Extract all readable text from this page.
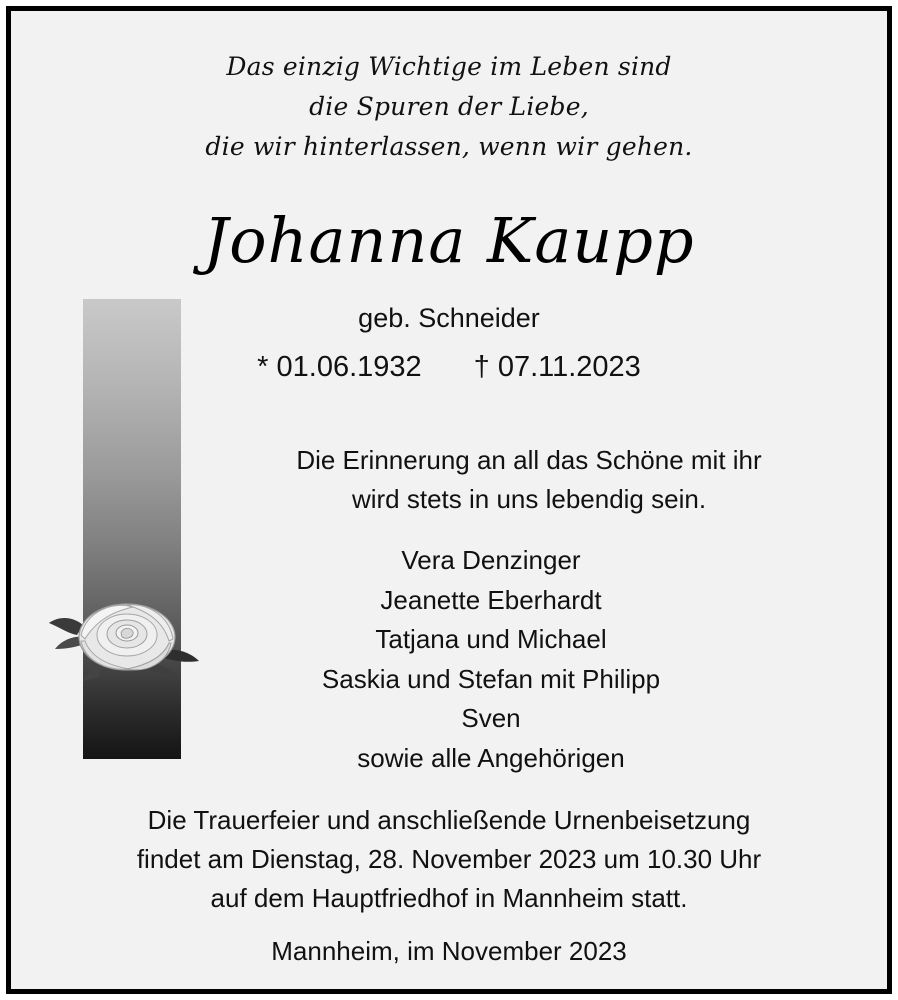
Das einzig Wichtige im Leben sind
die Spuren der Liebe,
die wir hinterlassen, wenn wir gehen.
Johanna Kaupp
geb. Schneider
* 01.06.1932 † 07.11.2023
Die Erinnerung an all das Schöne mit ihr
wird stets in uns lebendig sein.
Vera Denzinger
Jeanette Eberhardt
Tatjana und Michael
Saskia und Stefan mit Philipp
Sven
sowie alle Angehörigen
Die Trauerfeier und anschließende Urnenbeisetzung
findet am Dienstag, 28. November 2023 um 10.30 Uhr
auf dem Hauptfriedhof in Mannheim statt.
Mannheim, im November 2023
